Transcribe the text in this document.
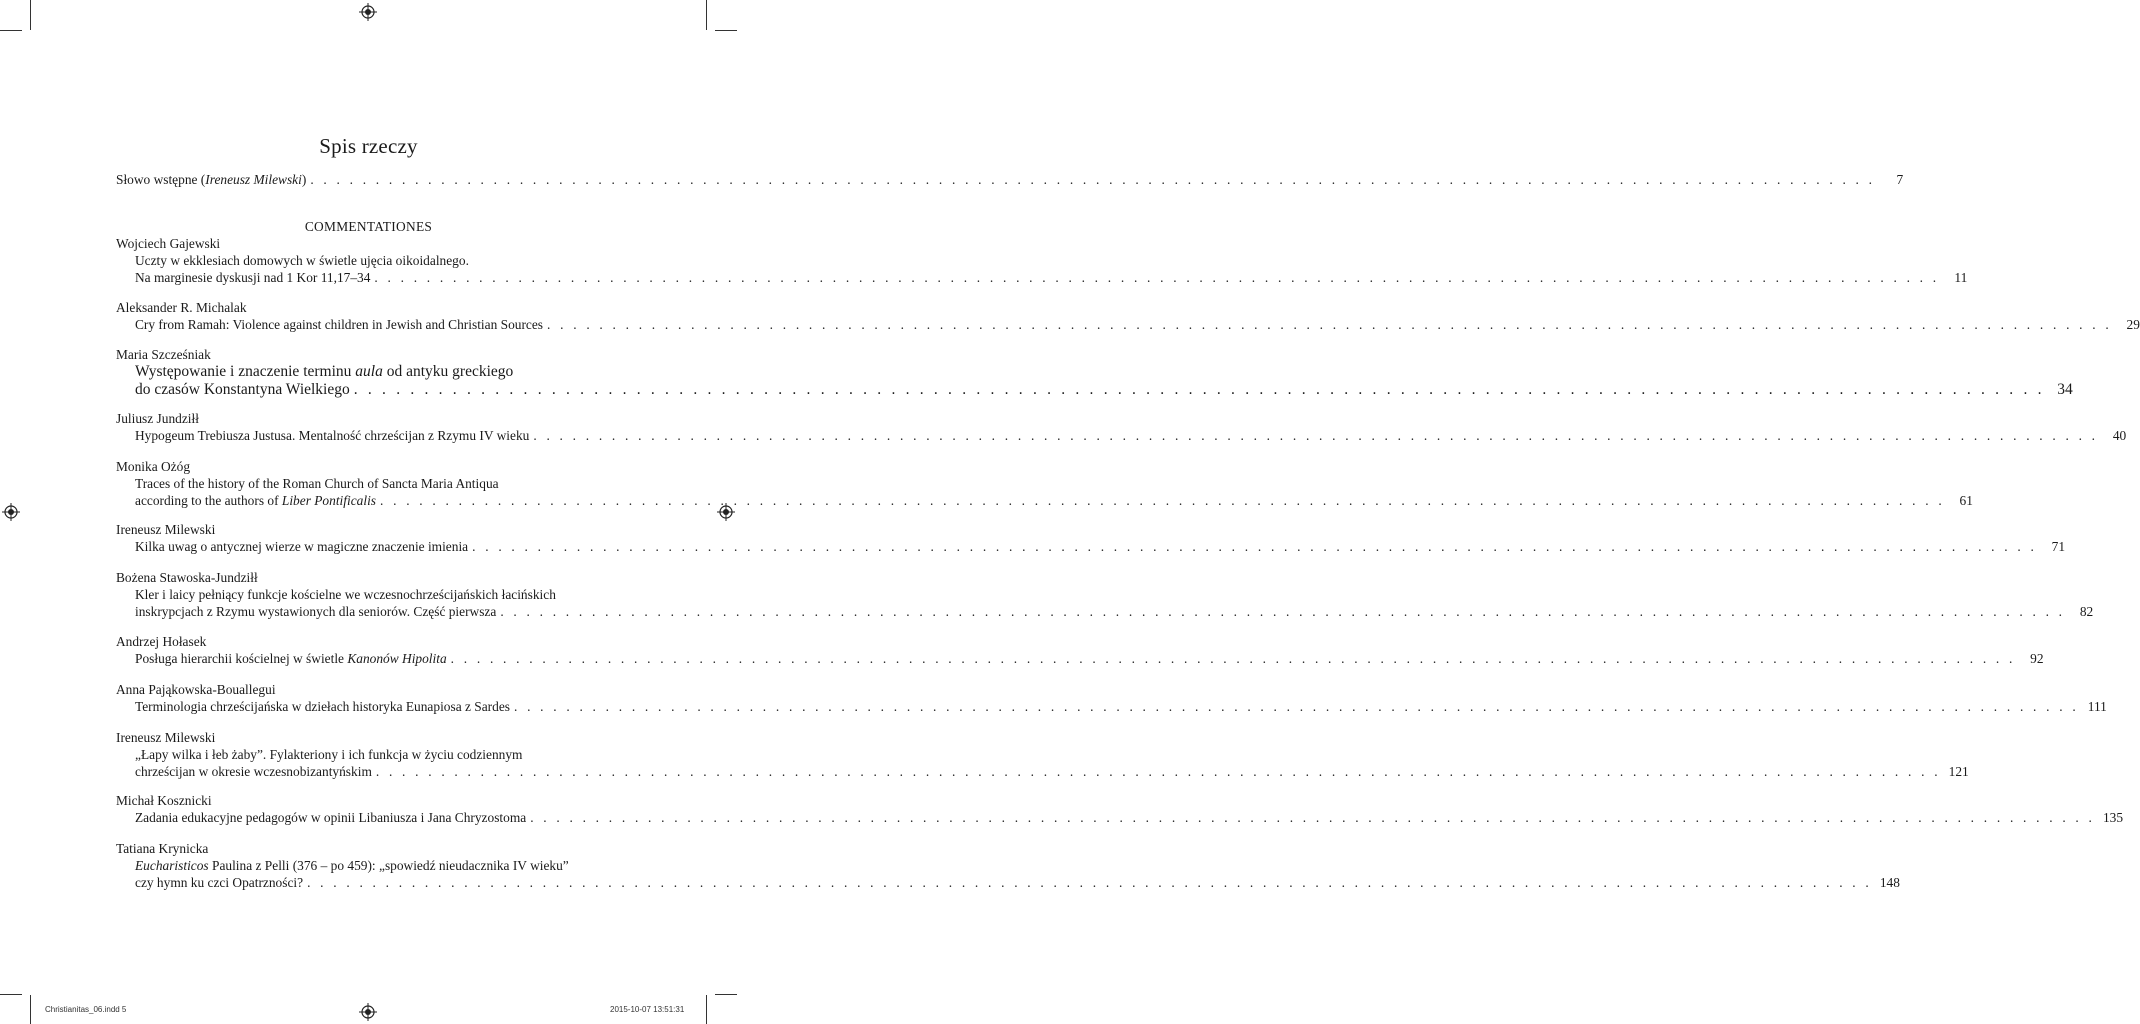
Spis rzeczy
Słowo wstępne (Ireneusz Milewski) . . . . . . . . . . . . . . . . . . . . . . . . . . . . . . . . . . . . . . . . . . . . . . . . . . . . . . . . . . . . . . . . . . . . . . . . . . . . . . . . . . . . . . . . . . . . . . . . . . . . . . . . . . . . . . . . . . . . . . . .	7
COMMENTATIONES
Wojciech Gajewski
Uczty w ekklesiach domowych w świetle ujęcia oikoidalnego.
Na marginesie dyskusji nad 1 Kor 11,17–34 . . . . . . . . . . . . . . . . . . . . . . . . . . . . . . . . . . . . . . . . . . . . . . . . . . . . . . . . . . . . . . . . . . . . . . . . . . . . . . . . . . . . . . . . . . . . . . . . . . . . . . . . . . . . . . . . . . . . . . . .	11
Aleksander R. Michalak
Cry from Ramah: Violence against children in Jewish and Christian Sources . . . . . . . . . . . . . . . . . . . . . . . . . . . . . . . . . . . . . . . . . . . . . . . . . . . . . . . . . . . . . . . . . . . . . . . . . . . . . . . . . . . . . . . . . . . . . . . . . . . . . . . . . . . . . . . . . . . . . . . .	29
Maria Szcześniak
Występowanie i znaczenie terminu aula od antyku greckiego
do czasów Konstantyna Wielkiego . . . . . . . . . . . . . . . . . . . . . . . . . . . . . . . . . . . . . . . . . . . . . . . . . . . . . . . . . . . . . . . . . . . . . . . . . . . . . . . . . . . . . . . . . . . . . . . . . . . . . . . . . . . . . . . . . . . . . . . . 34
Juliusz Jundziłł
Hypogeum Trebiusza Justusa. Mentalność chrześcijan z Rzymu IV wieku . . . . . . . . . . . . . . . . . . . . . . . . . . . . . . . . . . . . . . . . . . . . . . . . . . . . . . . . . . . . . . . . . . . . . . . . . . . . . . . . . . . . . . . . . . . . . . . . . . . . . . . . . . . . . . . . . . . . . . . .	40
Monika Ożóg
Traces of the history of the Roman Church of Sancta Maria Antiqua
according to the authors of Liber Pontificalis . . . . . . . . . . . . . . . . . . . . . . . . . . . . . . . . . . . . . . . . . . . . . . . . . . . . . . . . . . . . . . . . . . . . . . . . . . . . . . . . . . . . . . . . . . . . . . . . . . . . . . . . . . . . . . . . . . . . . . . .	61
Ireneusz Milewski
Kilka uwag o antycznej wierze w magiczne znaczenie imienia . . . . . . . . . . . . . . . . . . . . . . . . . . . . . . . . . . . . . . . . . . . . . . . . . . . . . . . . . . . . . . . . . . . . . . . . . . . . . . . . . . . . . . . . . . . . . . . . . . . . . . . . . . . . . . . . . . . . . . . .	71
Bożena Stawoska-Jundziłł
Kler i laicy pełniący funkcje kościelne we wczesnochrześcijańskich łacińskich
inskrypcjach z Rzymu wystawionych dla seniorów. Część pierwsza . . . . . . . . . . . . . . . . . . . . . . . . . . . . . . . . . . . . . . . . . . . . . . . . . . . . . . . . . . . . . . . . . . . . . . . . . . . . . . . . . . . . . . . . . . . . . . . . . . . . . . . . . . . . . . . . . . . . . . . .	82
Andrzej Hołasek
Posługa hierarchii kościelnej w świetle Kanonów Hipolita . . . . . . . . . . . . . . . . . . . . . . . . . . . . . . . . . . . . . . . . . . . . . . . . . . . . . . . . . . . . . . . . . . . . . . . . . . . . . . . . . . . . . . . . . . . . . . . . . . . . . . . . . . . . . . . . . . . . . . . .	92
Anna Pająkowska-Bouallegui
Terminologia chrześcijańska w dziełach historyka Eunapiosa z Sardes . . . . . . . . . . . . . . . . . . . . . . . . . . . . . . . . . . . . . . . . . . . . . . . . . . . . . . . . . . . . . . . . . . . . . . . . . . . . . . . . . . . . . . . . . . . . . . . . . . . . . . . . . . . . . . . . . . . . . . . . 111
Ireneusz Milewski
„Łapy wilka i łeb żaby”. Fylakteriony i ich funkcja w życiu codziennym
chrześcijan w okresie wczesnobizantyńskim . . . . . . . . . . . . . . . . . . . . . . . . . . . . . . . . . . . . . . . . . . . . . . . . . . . . . . . . . . . . . . . . . . . . . . . . . . . . . . . . . . . . . . . . . . . . . . . . . . . . . . . . . . . . . . . . . . . . . . . . 121
Michał Kosznicki
Zadania edukacyjne pedagogów w opinii Libaniusza i Jana Chryzostoma . . . . . . . . . . . . . . . . . . . . . . . . . . . . . . . . . . . . . . . . . . . . . . . . . . . . . . . . . . . . . . . . . . . . . . . . . . . . . . . . . . . . . . . . . . . . . . . . . . . . . . . . . . . . . . . . . . . . . . . . 135
Tatiana Krynicka
Eucharisticos Paulina z Pelli (376 – po 459): „spowiedź nieudacznika IV wieku”
czy hymn ku czci Opatrzności? . . . . . . . . . . . . . . . . . . . . . . . . . . . . . . . . . . . . . . . . . . . . . . . . . . . . . . . . . . . . . . . . . . . . . . . . . . . . . . . . . . . . . . . . . . . . . . . . . . . . . . . . . . . . . . . . . . . . . . . . 148
Christianitas_06.indd 5	2015-10-07 13:51:31
